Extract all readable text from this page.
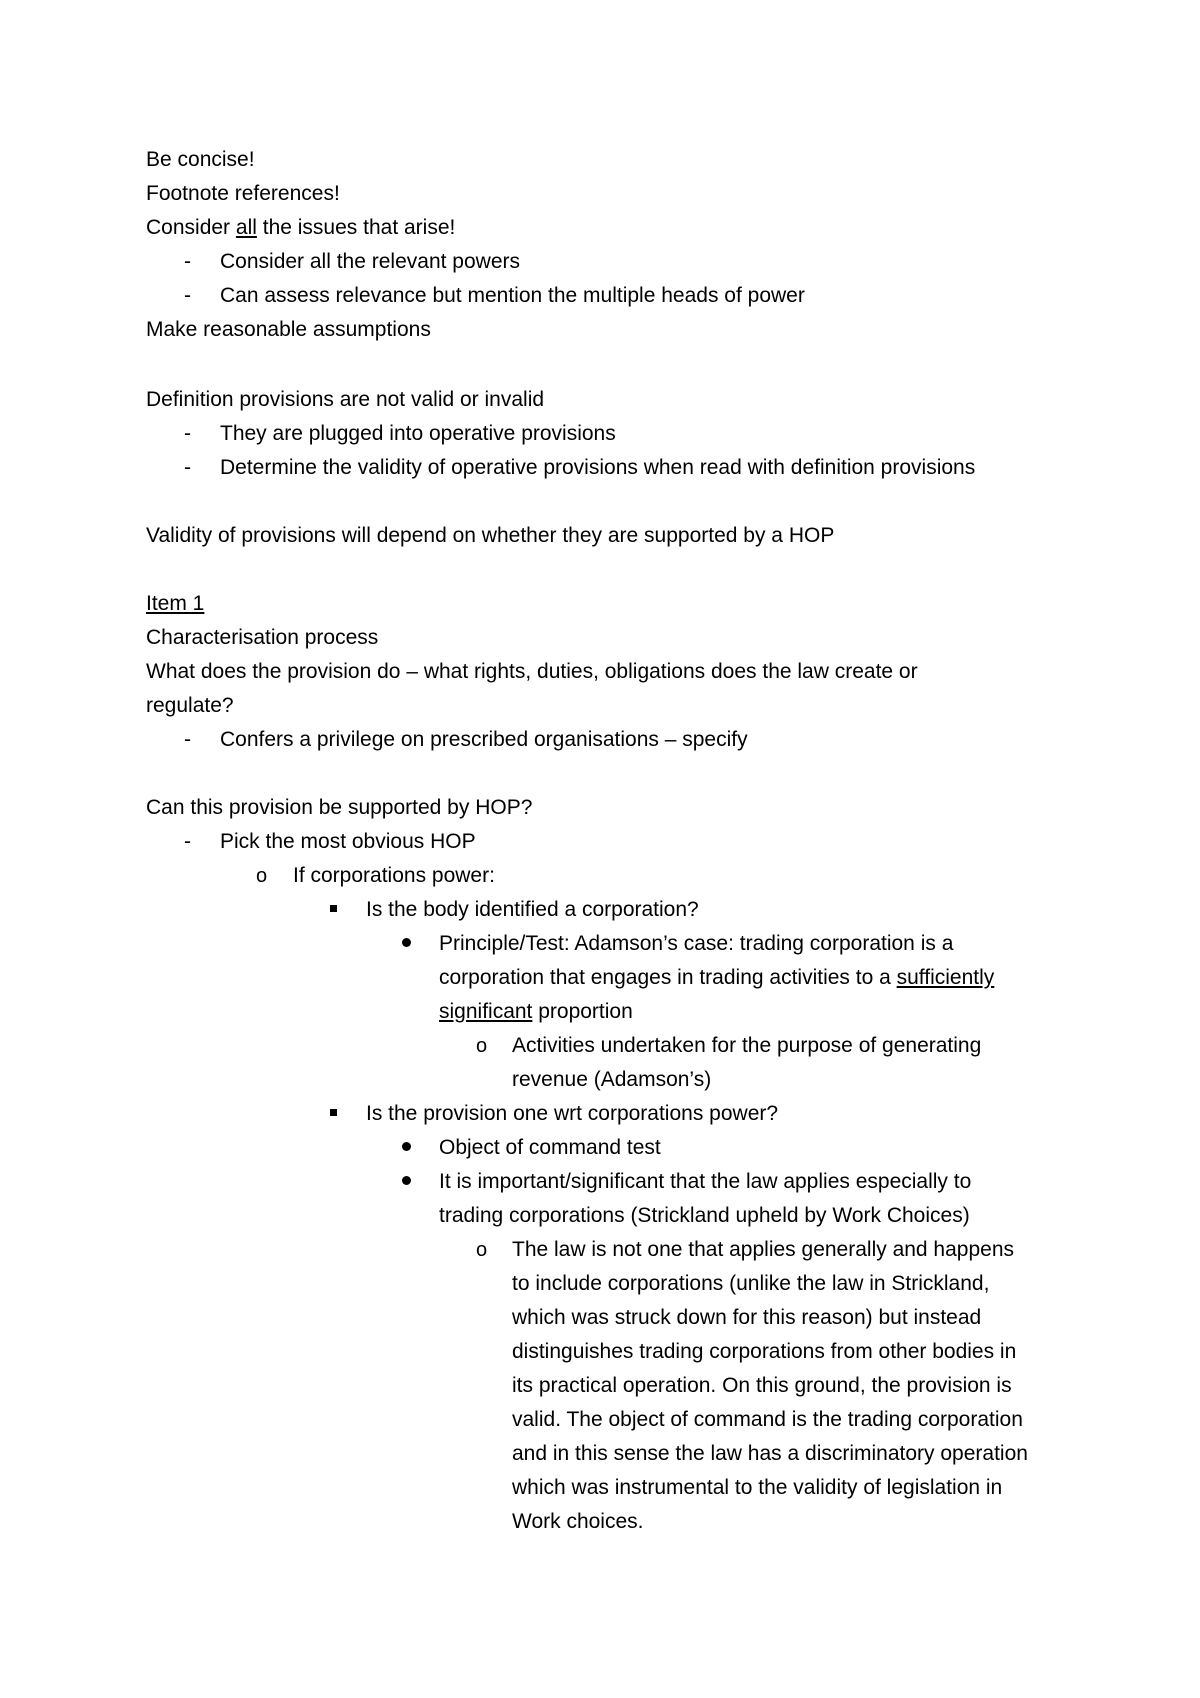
Be concise!
Footnote references!
Consider all the issues that arise!
- Consider all the relevant powers
- Can assess relevance but mention the multiple heads of power
Make reasonable assumptions
Definition provisions are not valid or invalid
- They are plugged into operative provisions
- Determine the validity of operative provisions when read with definition provisions
Validity of provisions will depend on whether they are supported by a HOP
Item 1
Characterisation process
What does the provision do – what rights, duties, obligations does the law create or
regulate?
- Confers a privilege on prescribed organisations – specify
Can this provision be supported by HOP?
- Pick the most obvious HOP
o If corporations power:
Is the body identified a corporation?
Principle/Test: Adamson’s case: trading corporation is a
corporation that engages in trading activities to a sufficiently
significant proportion
o Activities undertaken for the purpose of generating
revenue (Adamson’s)
Is the provision one wrt corporations power?
Object of command test
It is important/significant that the law applies especially to
trading corporations (Strickland upheld by Work Choices)
o The law is not one that applies generally and happens
to include corporations (unlike the law in Strickland,
which was struck down for this reason) but instead
distinguishes trading corporations from other bodies in
its practical operation. On this ground, the provision is
valid. The object of command is the trading corporation
and in this sense the law has a discriminatory operation
which was instrumental to the validity of legislation in
Work choices.
